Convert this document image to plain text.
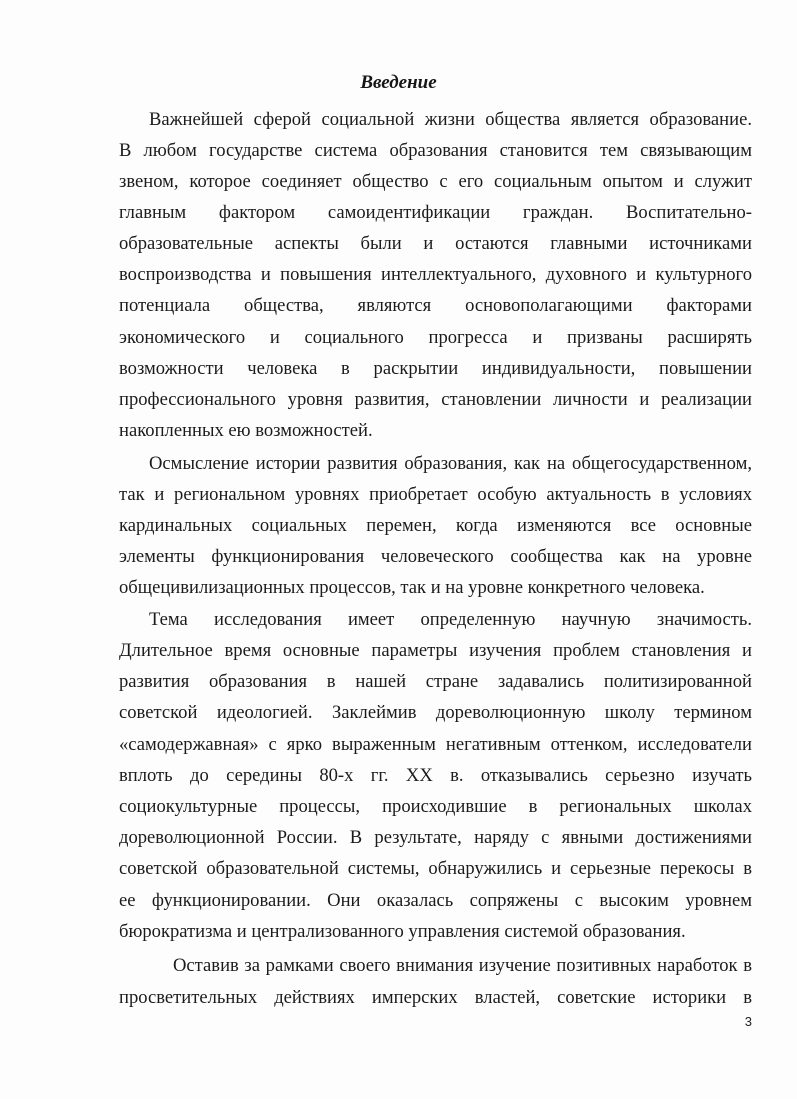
Введение
Важнейшей сферой социальной жизни общества является образование.
В любом государстве система образования становится тем связывающим
звеном, которое соединяет общество с его социальным опытом и служит
главным фактором самоидентификации граждан. Воспитательно-
образовательные аспекты были и остаются главными источниками
воспроизводства и повышения интеллектуального, духовного и культурного
потенциала общества, являются основополагающими факторами
экономического и социального прогресса и призваны расширять
возможности человека в раскрытии индивидуальности, повышении
профессионального уровня развития, становлении личности и реализации
накопленных ею возможностей.
Осмысление истории развития образования, как на общегосударственном,
так и региональном уровнях приобретает особую актуальность в условиях
кардинальных социальных перемен, когда изменяются все основные
элементы функционирования человеческого сообщества как на уровне
общецивилизационных процессов, так и на уровне конкретного человека.
Тема исследования имеет определенную научную значимость.
Длительное время основные параметры изучения проблем становления и
развития образования в нашей стране задавались политизированной
советской идеологией. Заклеймив дореволюционную школу термином
«самодержавная» с ярко выраженным негативным оттенком, исследователи
вплоть до середины 80-х гг. XX в. отказывались серьезно изучать
социокультурные процессы, происходившие в региональных школах
дореволюционной России. В результате, наряду с явными достижениями
советской образовательной системы, обнаружились и серьезные перекосы в
ее функционировании. Они оказалась сопряжены с высоким уровнем
бюрократизма и централизованного управления системой образования.
Оставив за рамками своего внимания изучение позитивных наработок в
просветительных действиях имперских властей, советские историки в
3
